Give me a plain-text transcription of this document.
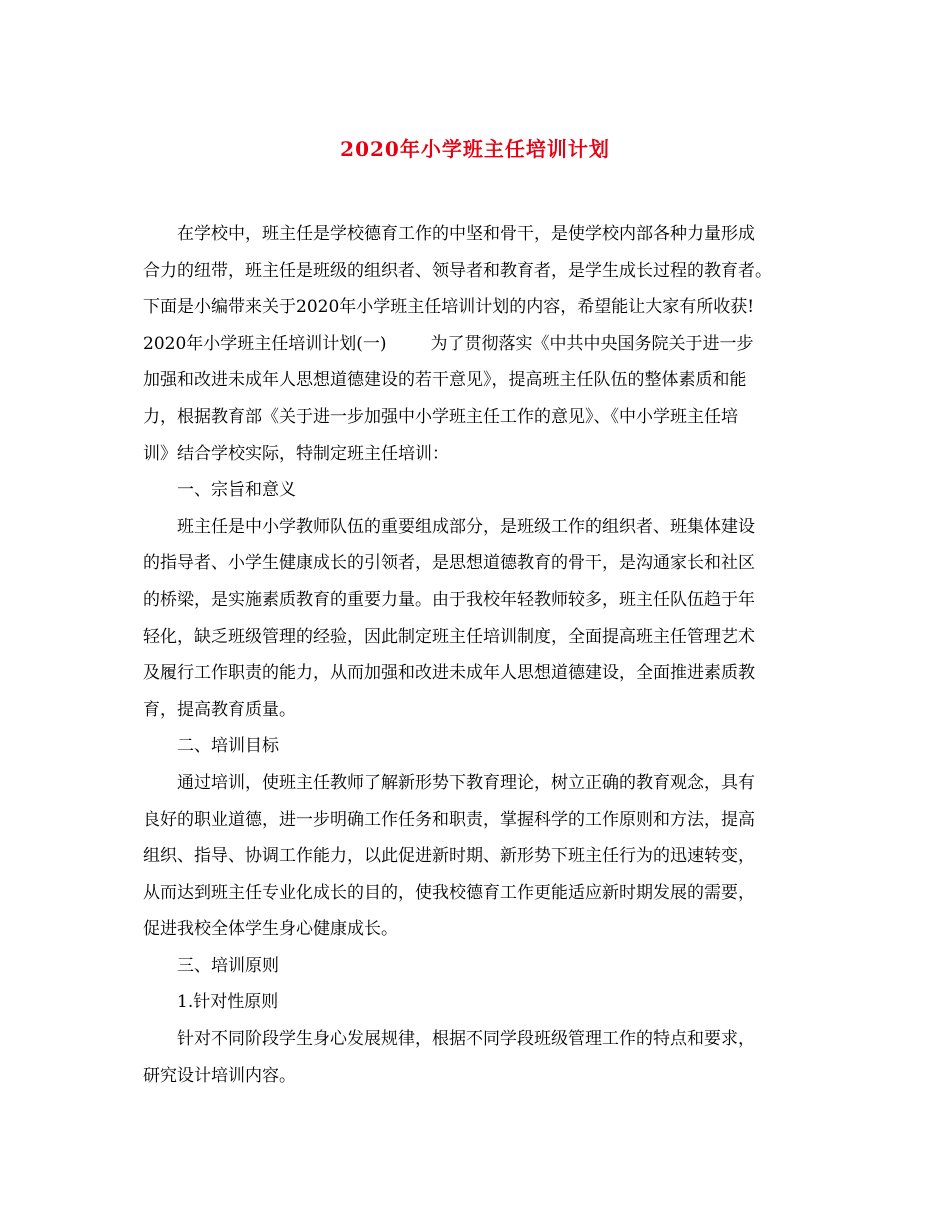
2020年小学班主任培训计划
在学校中，班主任是学校德育工作的中坚和骨干，是使学校内部各种力量形成
合力的纽带，班主任是班级的组织者、领导者和教育者，是学生成长过程的教育者。
下面是小编带来关于2020年小学班主任培训计划的内容，希望能让大家有所收获!
2020年小学班主任培训计划(一)	为了贯彻落实《中共中央国务院关于进一步
加强和改进未成年人思想道德建设的若干意见》，提高班主任队伍的整体素质和能
力，根据教育部《关于进一步加强中小学班主任工作的意见》、《中小学班主任培
训》结合学校实际，特制定班主任培训：
一、宗旨和意义
班主任是中小学教师队伍的重要组成部分，是班级工作的组织者、班集体建设
的指导者、小学生健康成长的引领者，是思想道德教育的骨干，是沟通家长和社区
的桥梁，是实施素质教育的重要力量。由于我校年轻教师较多，班主任队伍趋于年
轻化，缺乏班级管理的经验，因此制定班主任培训制度，全面提高班主任管理艺术
及履行工作职责的能力，从而加强和改进未成年人思想道德建设，全面推进素质教
育，提高教育质量。
二、培训目标
通过培训，使班主任教师了解新形势下教育理论，树立正确的教育观念，具有
良好的职业道德，进一步明确工作任务和职责，掌握科学的工作原则和方法，提高
组织、指导、协调工作能力，以此促进新时期、新形势下班主任行为的迅速转变，
从而达到班主任专业化成长的目的，使我校德育工作更能适应新时期发展的需要，
促进我校全体学生身心健康成长。
三、培训原则
1.针对性原则
针对不同阶段学生身心发展规律，根据不同学段班级管理工作的特点和要求，
研究设计培训内容。
